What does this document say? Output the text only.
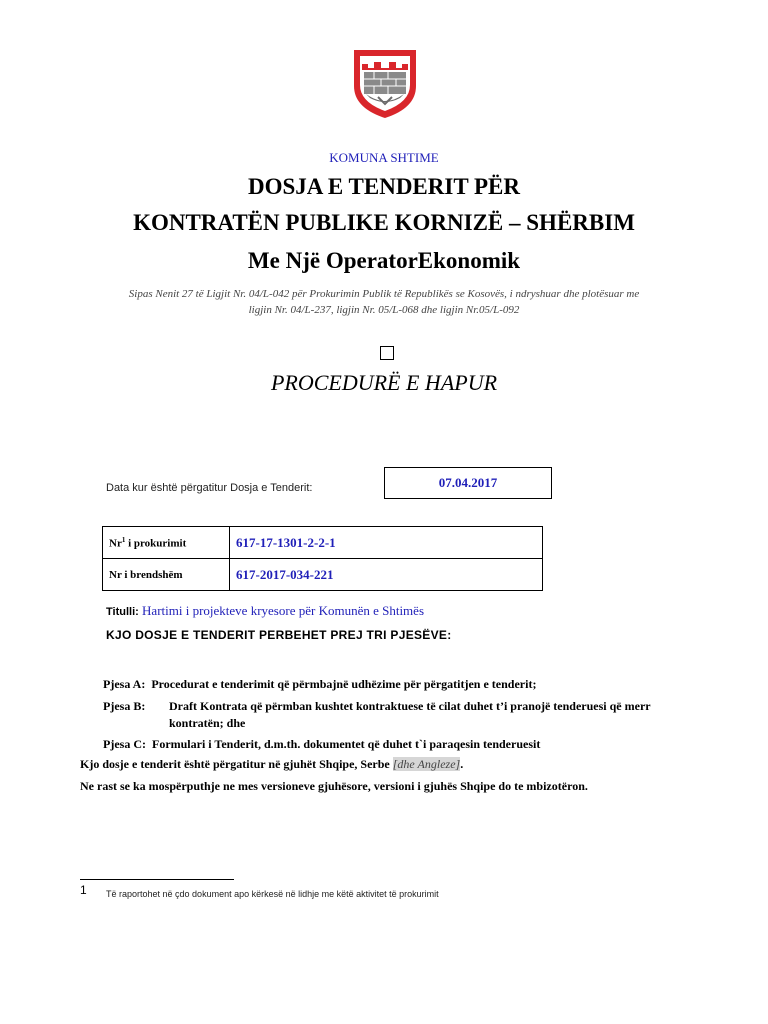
KOMUNA SHTIME
DOSJA E TENDERIT PËR
KONTRATËN PUBLIKE KORNIZË – SHËRBIM
Me Një OperatorEkonomik
Sipas Nenit 27 të Ligjit Nr. 04/L-042 për Prokurimin Publik të Republikës se Kosovës, i ndryshuar dhe plotësuar me
ligjin Nr. 04/L-237, ligjin Nr. 05/L-068 dhe ligjin Nr.05/L-092
PROCEDURË E HAPUR
Data kur është përgatitur Dosja e Tenderit:	07.04.2017
Nr$^1$ i prokurimit	617-17-1301-2-2-1
Nr i brendshëm	617-2017-034-221
Titulli: Hartimi i projekteve kryesore për Komunën e Shtimës
KJO DOSJE E TENDERIT PERBEHET PREJ TRI PJESËVE:
Pjesa A: Procedurat e tenderimit që përmbajnë udhëzime për përgatitjen e tenderit;
Pjesa B: Draft Kontrata që përmban kushtet kontraktuese të cilat duhet t’i pranojë tenderuesi që merr kontratën; dhe
Pjesa C: Formulari i Tenderit, d.m.th. dokumentet që duhet t`i paraqesin tenderuesit
Kjo dosje e tenderit është përgatitur në gjuhët Shqipe, Serbe [dhe Angleze].
Ne rast se ka mospërputhje ne mes versioneve gjuhësore, versioni i gjuhës Shqipe do te mbizotëron.
1 Të raportohet në çdo dokument apo kërkesë në lidhje me këtë aktivitet të prokurimit
